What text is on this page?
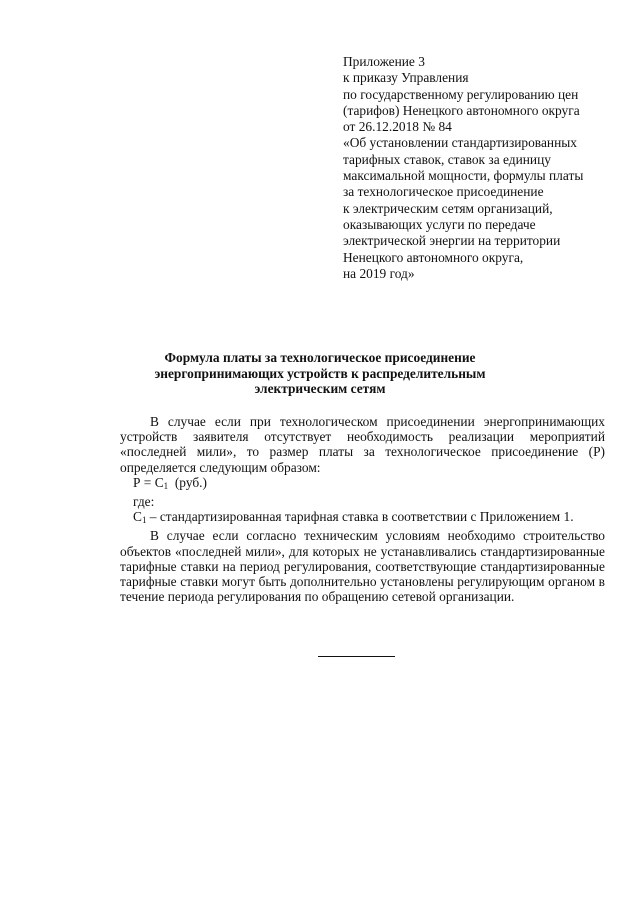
Приложение 3
к приказу Управления
по государственному регулированию цен
(тарифов) Ненецкого автономного округа
от 26.12.2018 № 84
«Об установлении стандартизированных
тарифных ставок, ставок за единицу
максимальной мощности, формулы платы
за технологическое присоединение
к электрическим сетям организаций,
оказывающих услуги по передаче
электрической энергии на территории
Ненецкого автономного округа,
на 2019 год»
Формула платы за технологическое присоединение
энергопринимающих устройств к распределительным
электрическим сетям

В случае если при технологическом присоединении энергопринимающих устройств заявителя отсутствует необходимость реализации мероприятий «последней мили», то размер платы за технологическое присоединение (Р) определяется следующим образом:

$Р = С_1$ (руб.)
где:
$С_1$ – стандартизированная тарифная ставка в соответствии с Приложением 1.

В случае если согласно техническим условиям необходимо строительство объектов «последней мили», для которых не устанавливались стандартизированные тарифные ставки на период регулирования, соответствующие стандартизированные тарифные ставки могут быть дополнительно установлены регулирующим органом в течение периода регулирования по обращению сетевой организации.
